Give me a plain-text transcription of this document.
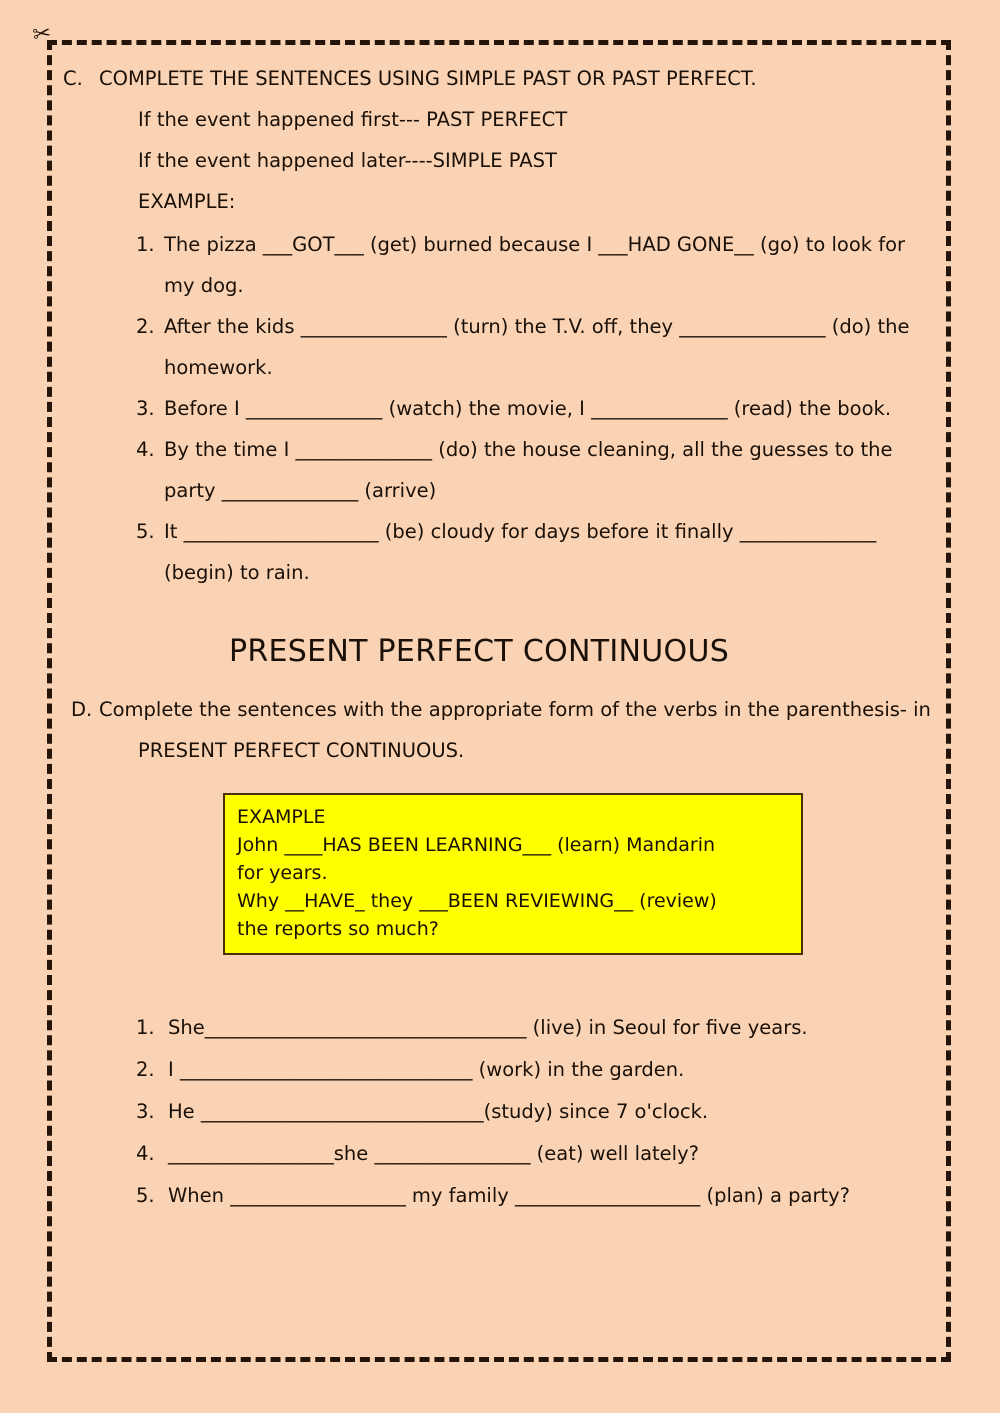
✂
C. COMPLETE THE SENTENCES USING SIMPLE PAST OR PAST PERFECT.
If the event happened first--- PAST PERFECT
If the event happened later----SIMPLE PAST
EXAMPLE:
1. The pizza ___GOT___ (get) burned because I ___HAD GONE__ (go) to look for my dog.
2. After the kids _______________ (turn) the T.V. off, they _______________ (do) the homework.
3. Before I ______________ (watch) the movie, I ______________ (read) the book.
4. By the time I ______________ (do) the house cleaning, all the guesses to the party ______________ (arrive)
5. It ____________________ (be) cloudy for days before it finally ______________ (begin) to rain.
PRESENT PERFECT CONTINUOUS
D. Complete the sentences with the appropriate form of the verbs in the parenthesis- in
PRESENT PERFECT CONTINUOUS.
EXAMPLE
John ____HAS BEEN LEARNING___ (learn) Mandarin
for years.
Why __HAVE_ they ___BEEN REVIEWING__ (review)
the reports so much?
1. She_________________________________ (live) in Seoul for five years.
2. I ______________________________ (work) in the garden.
3. He _____________________________(study) since 7 o'clock.
4. _________________she ________________ (eat) well lately?
5. When __________________ my family ___________________ (plan) a party?
